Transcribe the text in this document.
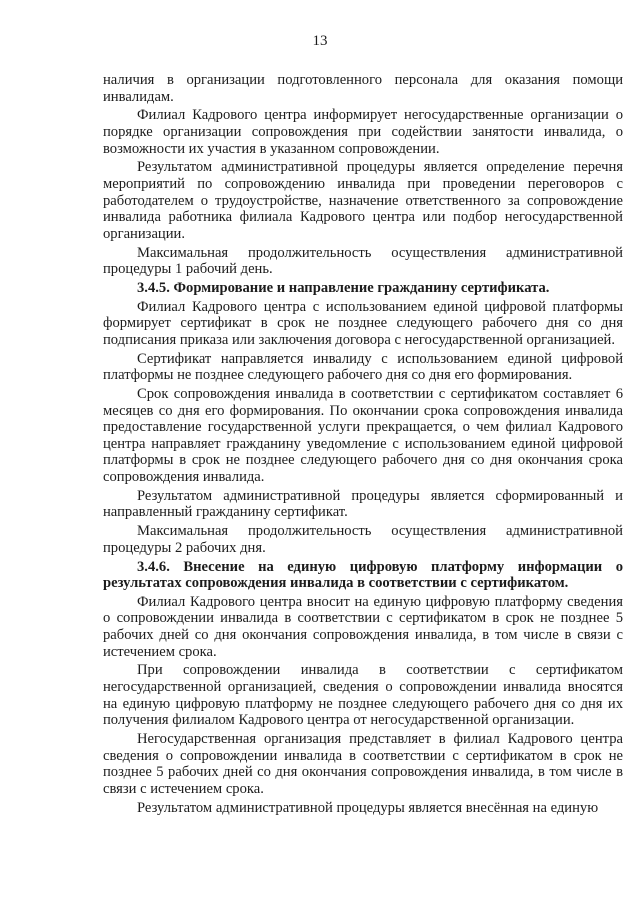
13

наличия в организации подготовленного персонала для оказания помощи инвалидам.

Филиал Кадрового центра информирует негосударственные организации о порядке организации сопровождения при содействии занятости инвалида, о возможности их участия в указанном сопровождении.

Результатом административной процедуры является определение перечня мероприятий по сопровождению инвалида при проведении переговоров с работодателем о трудоустройстве, назначение ответственного за сопровождение инвалида работника филиала Кадрового центра или подбор негосударственной организации.

Максимальная продолжительность осуществления административной процедуры 1 рабочий день.

3.4.5. Формирование и направление гражданину сертификата.

Филиал Кадрового центра с использованием единой цифровой платформы формирует сертификат в срок не позднее следующего рабочего дня со дня подписания приказа или заключения договора с негосударственной организацией.

Сертификат направляется инвалиду с использованием единой цифровой платформы не позднее следующего рабочего дня со дня его формирования.

Срок сопровождения инвалида в соответствии с сертификатом составляет 6 месяцев со дня его формирования. По окончании срока сопровождения инвалида предоставление государственной услуги прекращается, о чем филиал Кадрового центра направляет гражданину уведомление с использованием единой цифровой платформы в срок не позднее следующего рабочего дня со дня окончания срока сопровождения инвалида.

Результатом административной процедуры является сформированный и направленный гражданину сертификат.

Максимальная продолжительность осуществления административной процедуры 2 рабочих дня.

3.4.6. Внесение на единую цифровую платформу информации о результатах сопровождения инвалида в соответствии с сертификатом.

Филиал Кадрового центра вносит на единую цифровую платформу сведения о сопровождении инвалида в соответствии с сертификатом в срок не позднее 5 рабочих дней со дня окончания сопровождения инвалида, в том числе в связи с истечением срока.

При сопровождении инвалида в соответствии с сертификатом негосударственной организацией, сведения о сопровождении инвалида вносятся на единую цифровую платформу не позднее следующего рабочего дня со дня их получения филиалом Кадрового центра от негосударственной организации.

Негосударственная организация представляет в филиал Кадрового центра сведения о сопровождении инвалида в соответствии с сертификатом в срок не позднее 5 рабочих дней со дня окончания сопровождения инвалида, в том числе в связи с истечением срока.

Результатом административной процедуры является внесённая на единую
